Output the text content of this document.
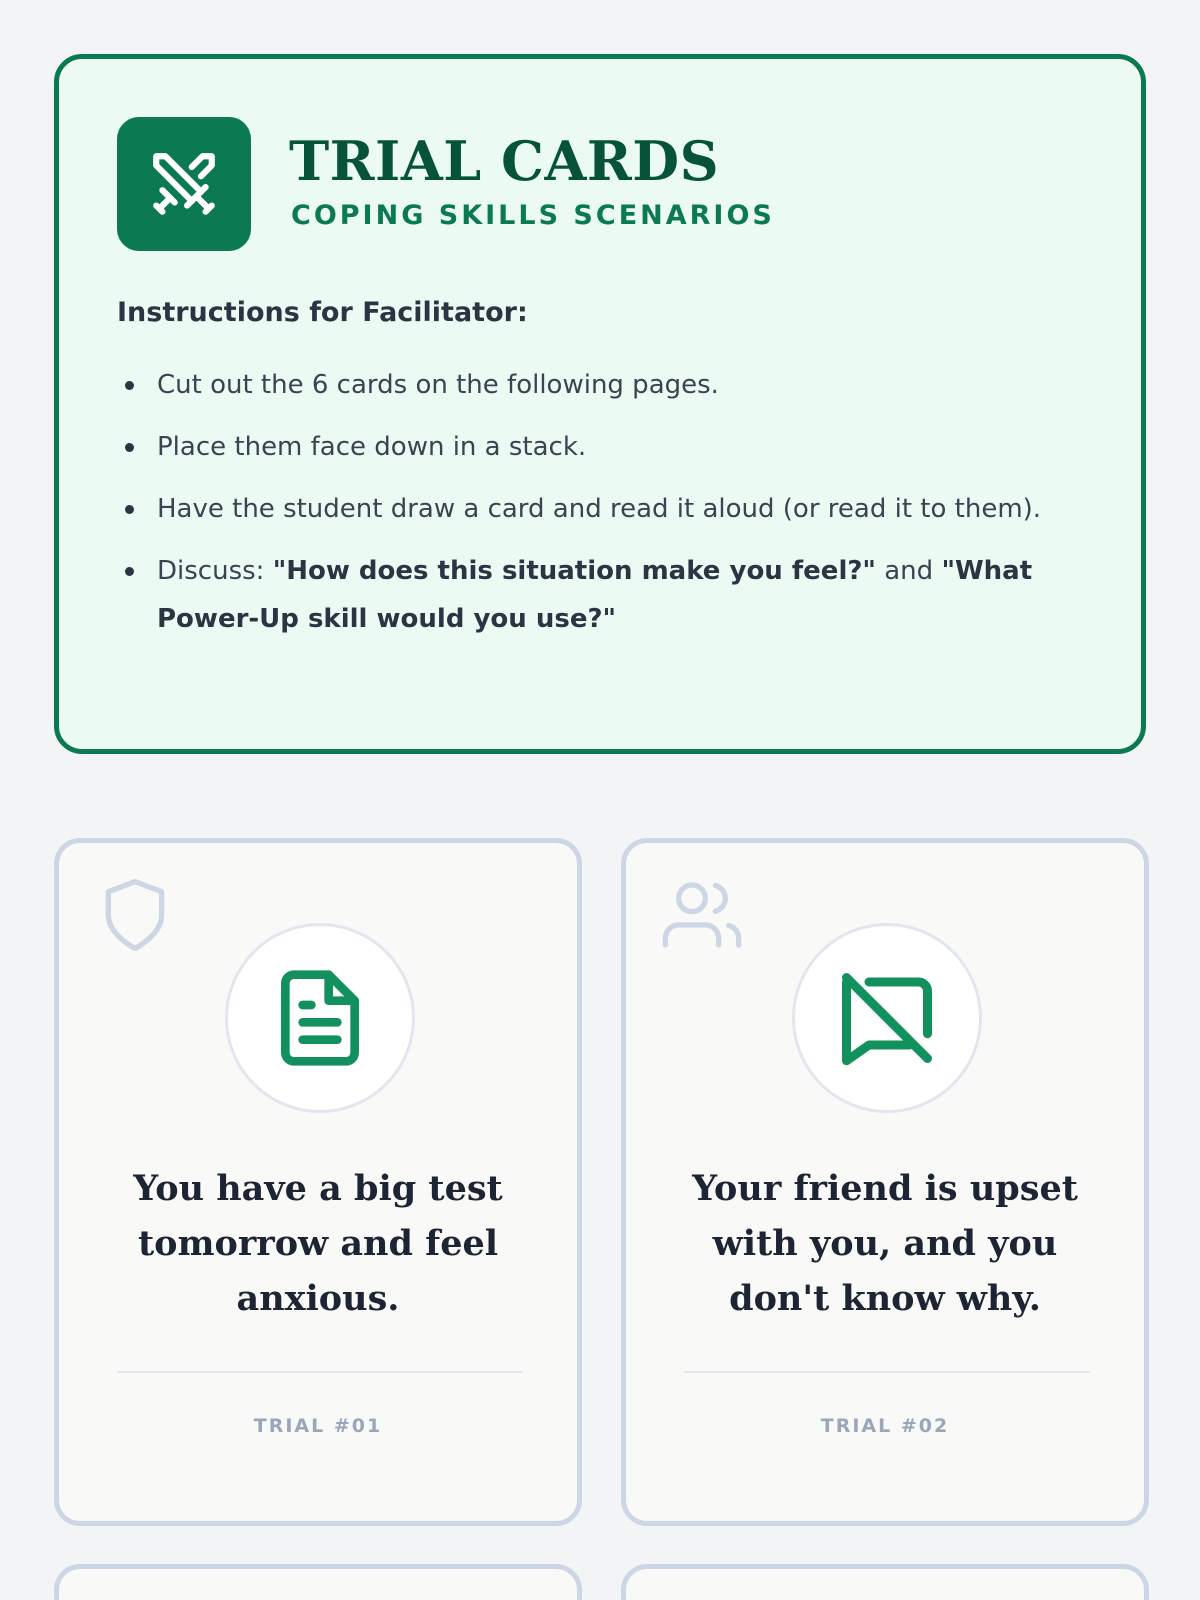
TRIAL CARDS
COPING SKILLS SCENARIOS

Instructions for Facilitator:

Cut out the 6 cards on the following pages.
Place them face down in a stack.
Have the student draw a card and read it aloud (or read it to them).
Discuss: "How does this situation make you feel?" and "What Power-Up skill would you use?"

You have a big test tomorrow and feel anxious.

TRIAL #01

Your friend is upset with you, and you don't know why.

TRIAL #02
